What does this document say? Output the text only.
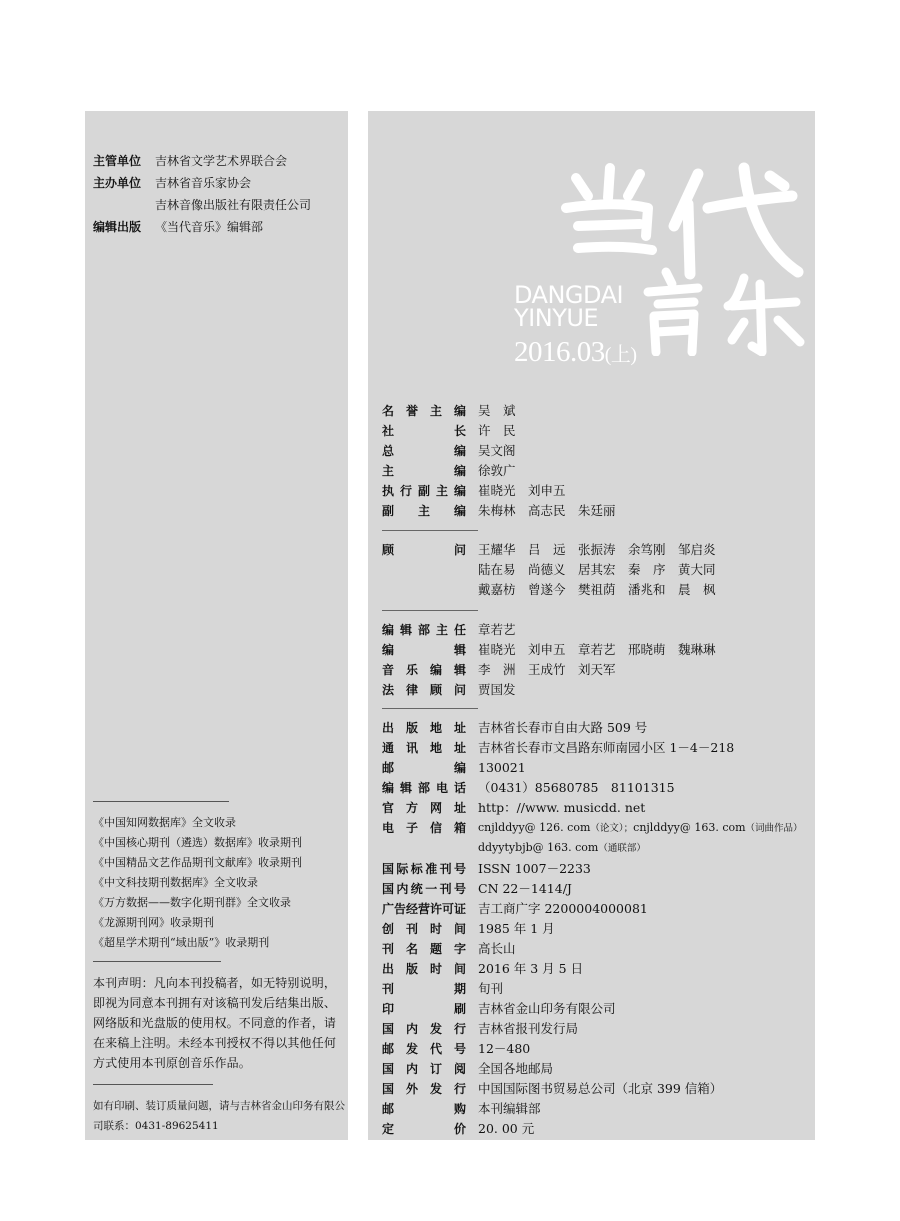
主管单位 吉林省文学艺术界联合会
主办单位 吉林省音乐家协会
吉林音像出版社有限责任公司
编辑出版 《当代音乐》编辑部
《中国知网数据库》全文收录
《中国核心期刊（遴选）数据库》收录期刊
《中国精品文艺作品期刊文献库》收录期刊
《中文科技期刊数据库》全文收录
《万方数据——数字化期刊群》全文收录
《龙源期刊网》收录期刊
《超星学术期刊“域出版”》收录期刊
本刊声明：凡向本刊投稿者，如无特别说明，即视为同意本刊拥有对该稿刊发后结集出版、网络版和光盘版的使用权。不同意的作者，请在来稿上注明。未经本刊授权不得以其他任何方式使用本刊原创音乐作品。
如有印刷、装订质量问题，请与吉林省金山印务有限公司联系：0431-89625411
DANGDAI
YINYUE
2016.03(上)
名誉主编 吴　斌
社长 许　民
总编 吴文阁
主编 徐敦广
执行副主编 崔晓光　刘申五
副主编 朱梅林　高志民　朱廷丽
顾问 王耀华　吕　远　张振涛　余笃刚　邹启炎
陆在易　尚德义　居其宏　秦　序　黄大同
戴嘉枋　曾遂今　樊祖荫　潘兆和　晨　枫
编辑部主任 章若艺
编辑 崔晓光　刘申五　章若艺　邢晓萌　魏琳琳
音乐编辑 李　洲　王成竹　刘天军
法律顾问 贾国发
出版地址 吉林省长春市自由大路 509 号
通讯地址 吉林省长春市文昌路东师南园小区 1－4－218
邮编 130021
编辑部电话 （0431）85680785　81101315
官方网址 http：//www. musicdd. net
电子信箱 cnjlddyy@ 126. com（论文）；cnjlddyy@ 163. com（词曲作品）
ddyytybjb@ 163. com（通联部）
国际标准刊号 ISSN 1007－2233
国内统一刊号 CN 22－1414/J
广告经营许可证 吉工商广字 2200004000081
创刊时间 1985 年 1 月
刊名题字 高长山
出版时间 2016 年 3 月 5 日
刊期 旬刊
印刷 吉林省金山印务有限公司
国内发行 吉林省报刊发行局
邮发代号 12－480
国内订阅 全国各地邮局
国外发行 中国国际图书贸易总公司（北京 399 信箱）
邮购 本刊编辑部
定价 20. 00 元
